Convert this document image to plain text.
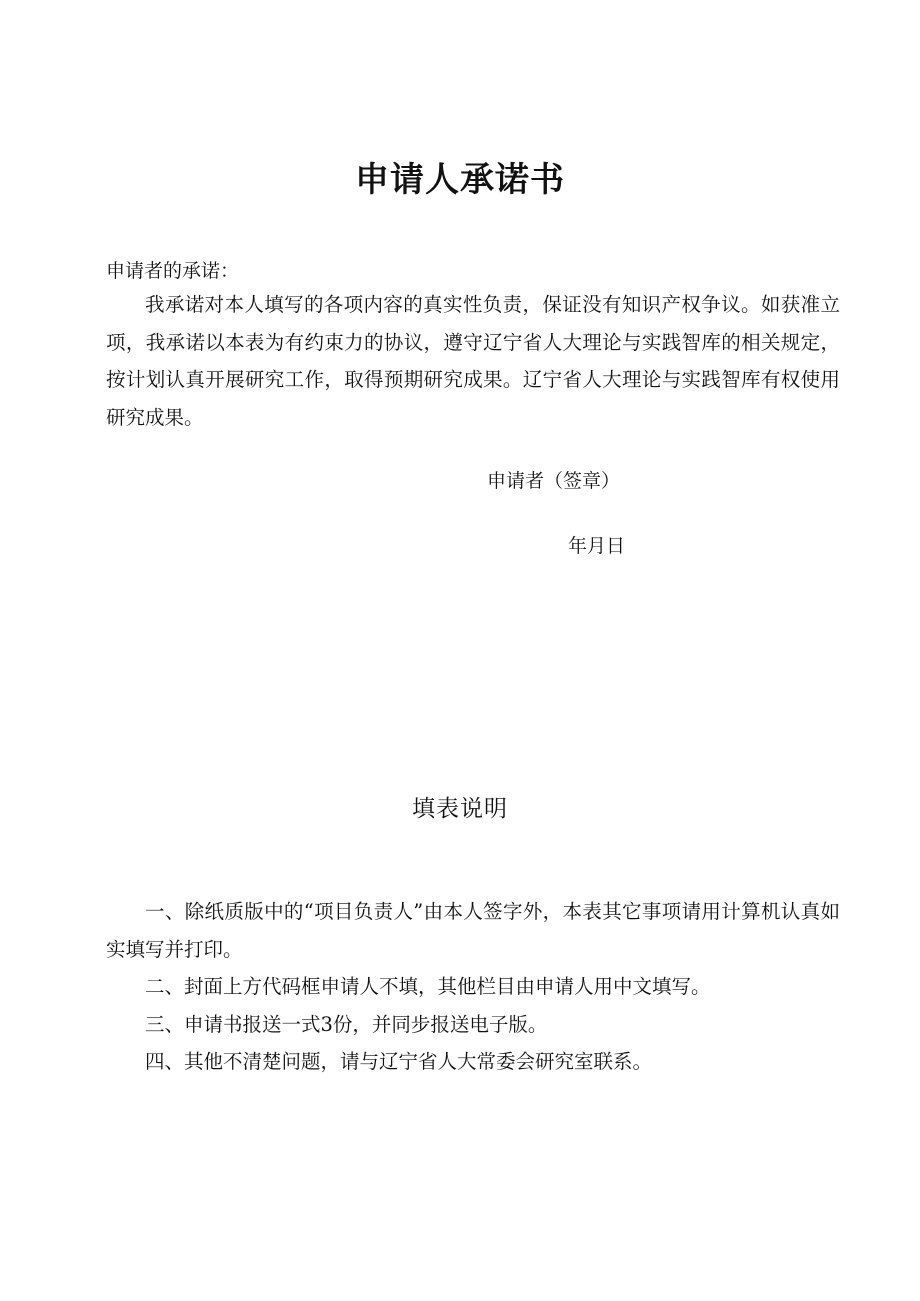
申请人承诺书
申请者的承诺：

我承诺对本人填写的各项内容的真实性负责，保证没有知识产权争议。如获准立项，我承诺以本表为有约束力的协议，遵守辽宁省人大理论与实践智库的相关规定，按计划认真开展研究工作，取得预期研究成果。辽宁省人大理论与实践智库有权使用研究成果。

申请者（签章）
年月日
填表说明

一、除纸质版中的“项目负责人”由本人签字外，本表其它事项请用计算机认真如实填写并打印。

二、封面上方代码框申请人不填，其他栏目由申请人用中文填写。

三、申请书报送一式3份，并同步报送电子版。

四、其他不清楚问题，请与辽宁省人大常委会研究室联系。
